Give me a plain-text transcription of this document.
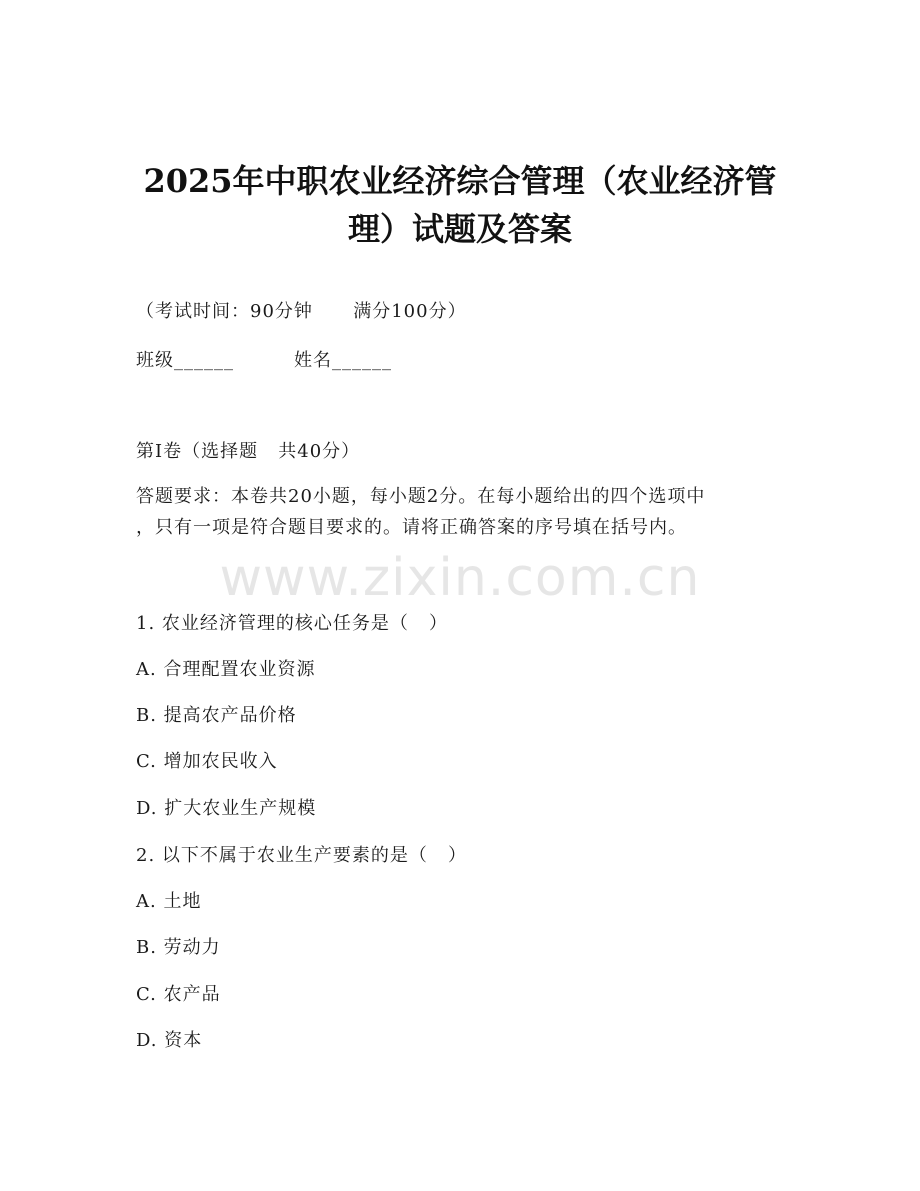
2025年中职农业经济综合管理（农业经济管
理）试题及答案
（考试时间：90分钟      满分100分）
班级______	姓名______
第Ⅰ卷（选择题   共40分）
答题要求：本卷共20小题，每小题2分。在每小题给出的四个选项中
，只有一项是符合题目要求的。请将正确答案的序号填在括号内。
www.zixin.com.cn
1. 农业经济管理的核心任务是（   ）
A. 合理配置农业资源
B. 提高农产品价格
C. 增加农民收入
D. 扩大农业生产规模
2. 以下不属于农业生产要素的是（   ）
A. 土地
B. 劳动力
C. 农产品
D. 资本
